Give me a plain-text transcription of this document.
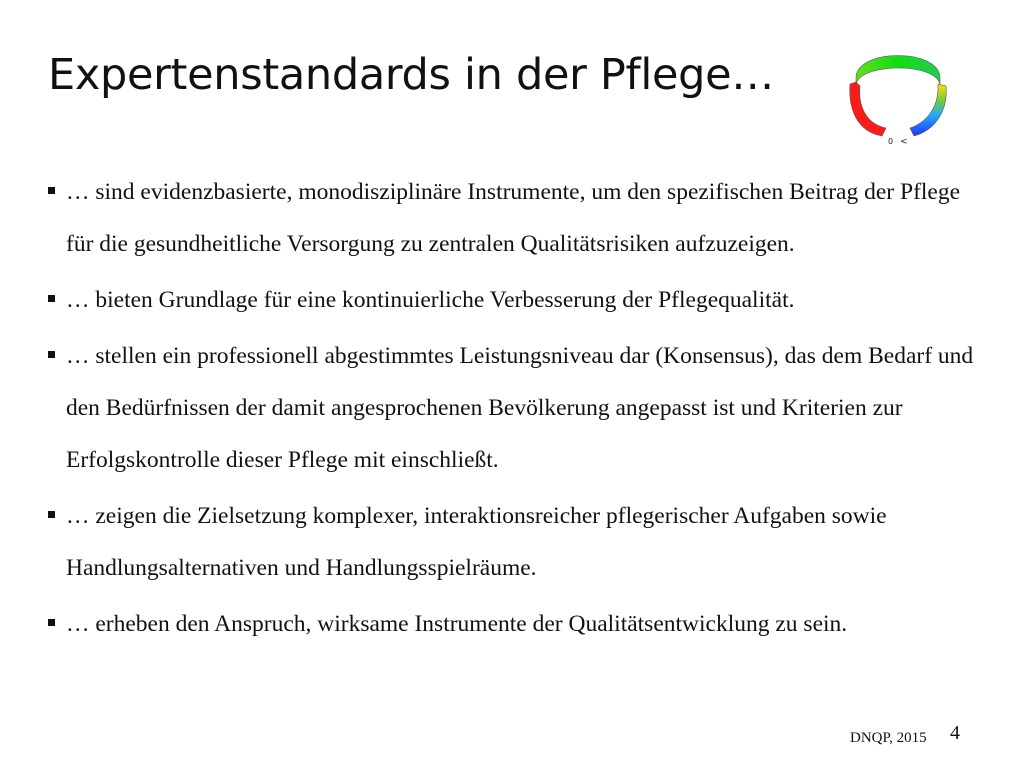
Expertenstandards in der Pflege…
0 <
… sind evidenzbasierte, monodisziplinäre Instrumente, um den spezifischen Beitrag der Pflege für die gesundheitliche Versorgung zu zentralen Qualitätsrisiken aufzuzeigen.
… bieten Grundlage für eine kontinuierliche Verbesserung der Pflegequalität.
… stellen ein professionell abgestimmtes Leistungsniveau dar (Konsensus), das dem Bedarf und den Bedürfnissen der damit angesprochenen Bevölkerung angepasst ist und Kriterien zur Erfolgskontrolle dieser Pflege mit einschließt.
… zeigen die Zielsetzung komplexer, interaktionsreicher pflegerischer Aufgaben sowie Handlungsalternativen und Handlungsspielräume.
… erheben den Anspruch, wirksame Instrumente der Qualitätsentwicklung zu sein.
DNQP, 2015 4
